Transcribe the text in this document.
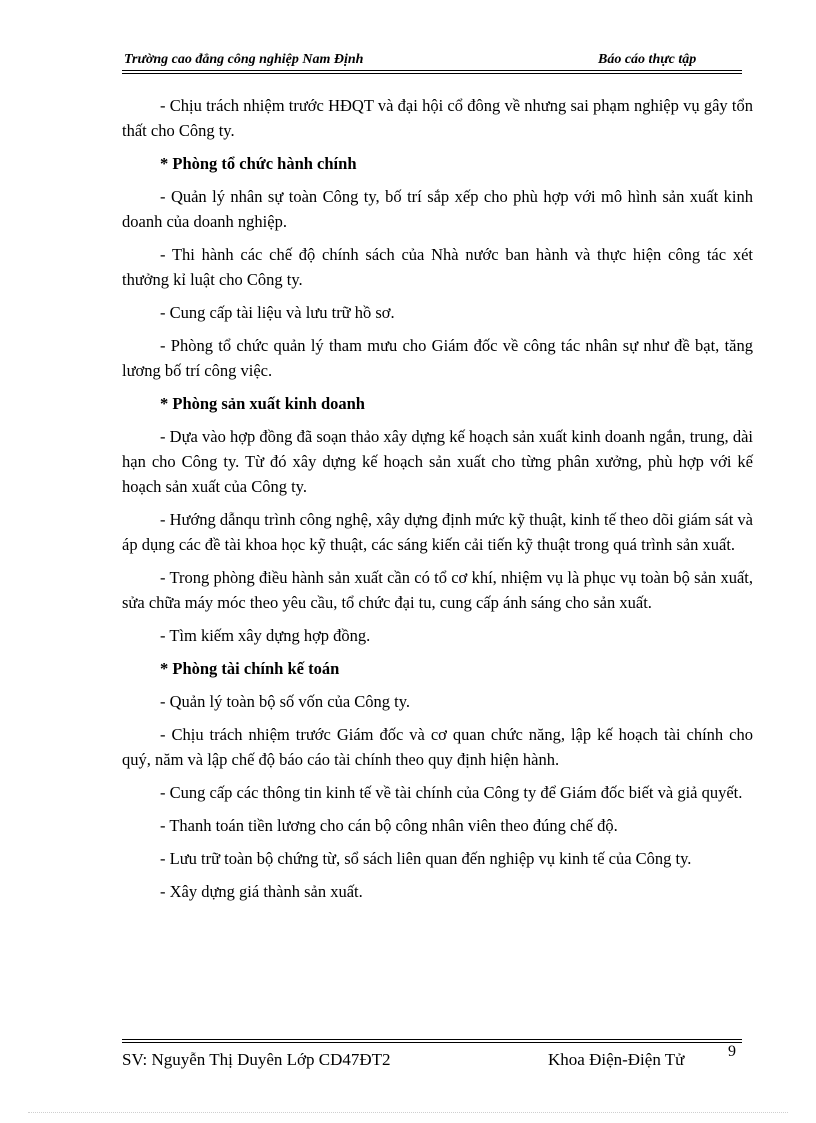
Trường cao đẳng công nghiệp Nam Định	Báo cáo thực tập

- Chịu trách nhiệm trước HĐQT và đại hội cổ đông về nhưng sai phạm nghiệp vụ gây tổn thất cho Công ty.

* Phòng tổ chức hành chính

- Quản lý nhân sự toàn Công ty, bố trí sắp xếp cho phù hợp với mô hình sản xuất kinh doanh của doanh nghiệp.

- Thi hành các chế độ chính sách của Nhà nước ban hành và thực hiện công tác xét thưởng kỉ luật cho Công ty.

- Cung cấp tài liệu và lưu trữ hồ sơ.

- Phòng tổ chức quản lý tham mưu cho Giám đốc về công tác nhân sự như đề bạt, tăng lương bố trí công việc.

* Phòng sản xuất kinh doanh

- Dựa vào hợp đồng đã soạn thảo xây dựng kế hoạch sản xuất kinh doanh ngắn, trung, dài hạn cho Công ty. Từ đó xây dựng kế hoạch sản xuất cho từng phân xưởng, phù hợp với kế hoạch sản xuất của Công ty.

- Hướng dẫnqu trình công nghệ, xây dựng định mức kỹ thuật, kinh tế theo dõi giám sát và áp dụng các đề tài khoa học kỹ thuật, các sáng kiến cải tiến kỹ thuật trong quá trình sản xuất.

- Trong phòng điều hành sản xuất cần có tổ cơ khí, nhiệm vụ là phục vụ toàn bộ sản xuất, sửa chữa máy móc theo yêu cầu, tổ chức đại tu, cung cấp ánh sáng cho sản xuất.

- Tìm kiếm xây dựng hợp đồng.

* Phòng tài chính kế toán

- Quản lý toàn bộ số vốn của Công ty.

- Chịu trách nhiệm trước Giám đốc và cơ quan chức năng, lập kế hoạch tài chính cho quý, năm và lập chế độ báo cáo tài chính theo quy định hiện hành.

- Cung cấp các thông tin kinh tế về tài chính của Công ty để Giám đốc biết và giả quyết.

- Thanh toán tiền lương cho cán bộ công nhân viên theo đúng chế độ.

- Lưu trữ toàn bộ chứng từ, sổ sách liên quan đến nghiệp vụ kinh tế của Công ty.

- Xây dựng giá thành sản xuất.

SV: Nguyễn Thị Duyên Lớp CD47ĐT2	Khoa Điện-Điện Tử	9
